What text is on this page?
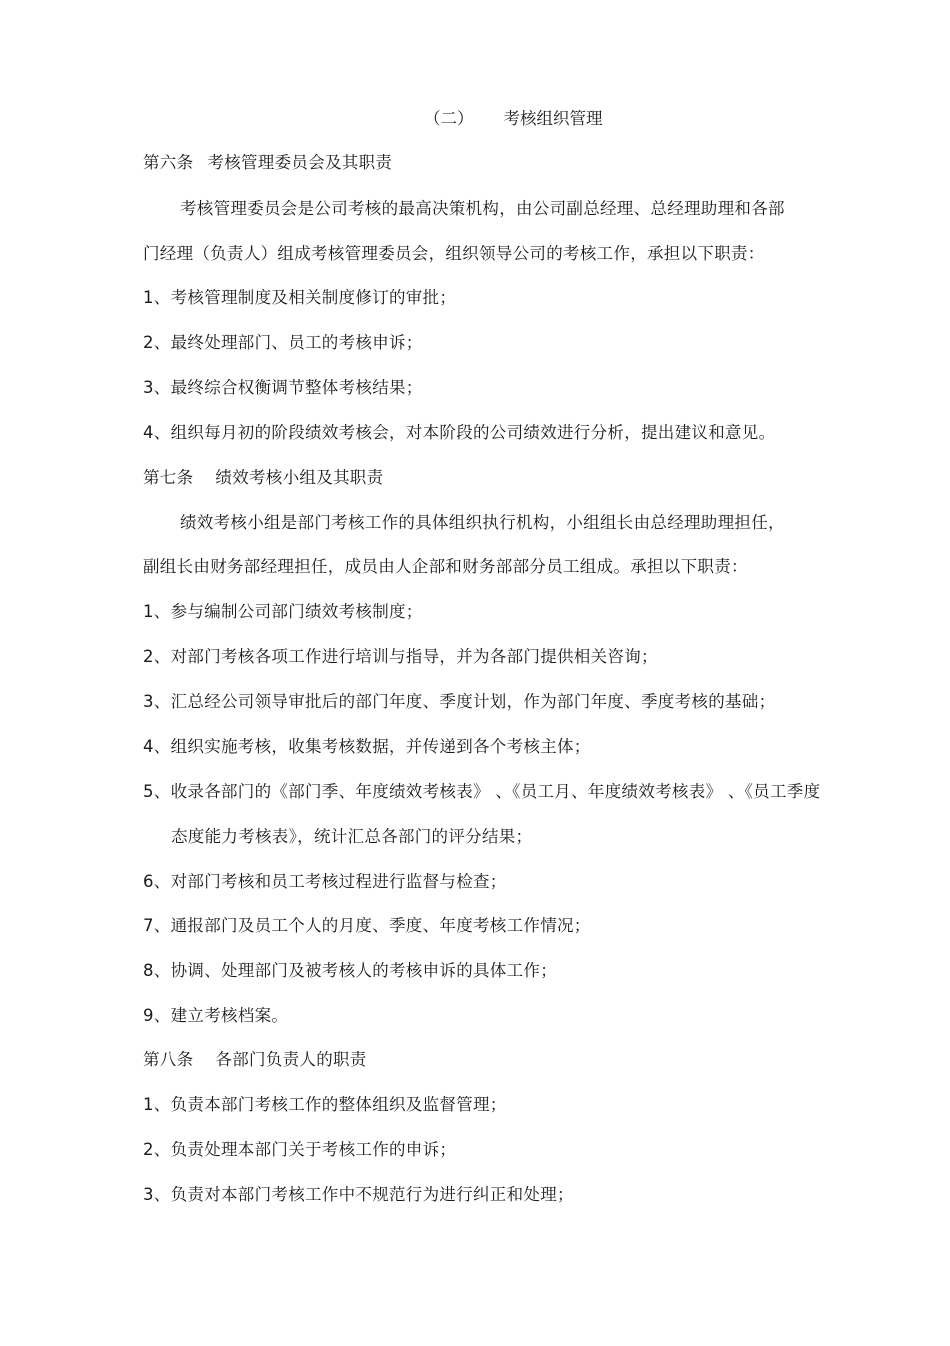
（二） 考核组织管理
第六条 考核管理委员会及其职责
考核管理委员会是公司考核的最高决策机构，由公司副总经理、总经理助理和各部
门经理（负责人）组成考核管理委员会，组织领导公司的考核工作，承担以下职责：
1、考核管理制度及相关制度修订的审批；
2、最终处理部门、员工的考核申诉；
3、最终综合权衡调节整体考核结果；
4、组织每月初的阶段绩效考核会，对本阶段的公司绩效进行分析，提出建议和意见。
第七条 绩效考核小组及其职责
绩效考核小组是部门考核工作的具体组织执行机构，小组组长由总经理助理担任，
副组长由财务部经理担任，成员由人企部和财务部部分员工组成。承担以下职责：
1、参与编制公司部门绩效考核制度；
2、对部门考核各项工作进行培训与指导，并为各部门提供相关咨询；
3、汇总经公司领导审批后的部门年度、季度计划，作为部门年度、季度考核的基础；
4、组织实施考核，收集考核数据，并传递到各个考核主体；
5、收录各部门的《部门季、年度绩效考核表》 、《员工月、年度绩效考核表》 、《员工季度
态度能力考核表》，统计汇总各部门的评分结果；
6、对部门考核和员工考核过程进行监督与检查；
7、通报部门及员工个人的月度、季度、年度考核工作情况；
8、协调、处理部门及被考核人的考核申诉的具体工作；
9、建立考核档案。
第八条 各部门负责人的职责
1、负责本部门考核工作的整体组织及监督管理；
2、负责处理本部门关于考核工作的申诉；
3、负责对本部门考核工作中不规范行为进行纠正和处理；
